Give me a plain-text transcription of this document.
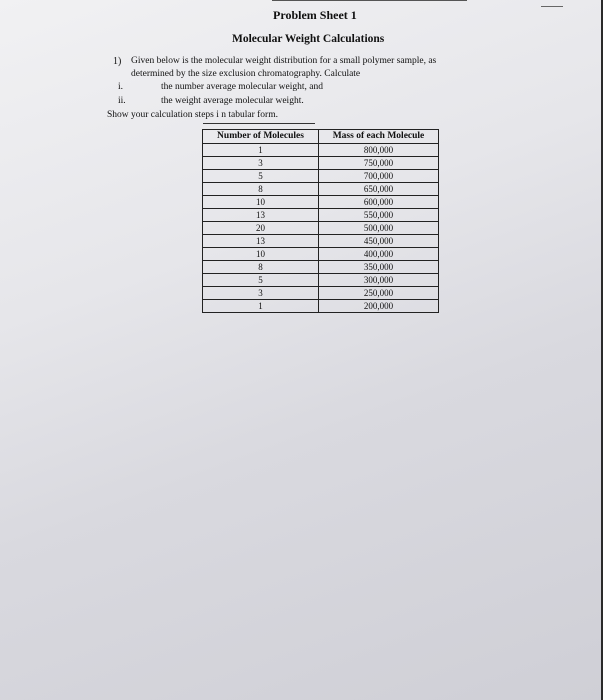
Problem Sheet 1
Molecular Weight Calculations
1) Given below is the molecular weight distribution for a small polymer sample, as
determined by the size exclusion chromatography. Calculate
i.	the number average molecular weight, and
ii.	the weight average molecular weight.
Show your calculation steps i n tabular form.
Number of Molecules	Mass of each Molecule
1	800,000
3	750,000
5	700,000
8	650,000
10	600,000
13	550,000
20	500,000
13	450,000
10	400,000
8	350,000
5	300,000
3	250,000
1	200,000
